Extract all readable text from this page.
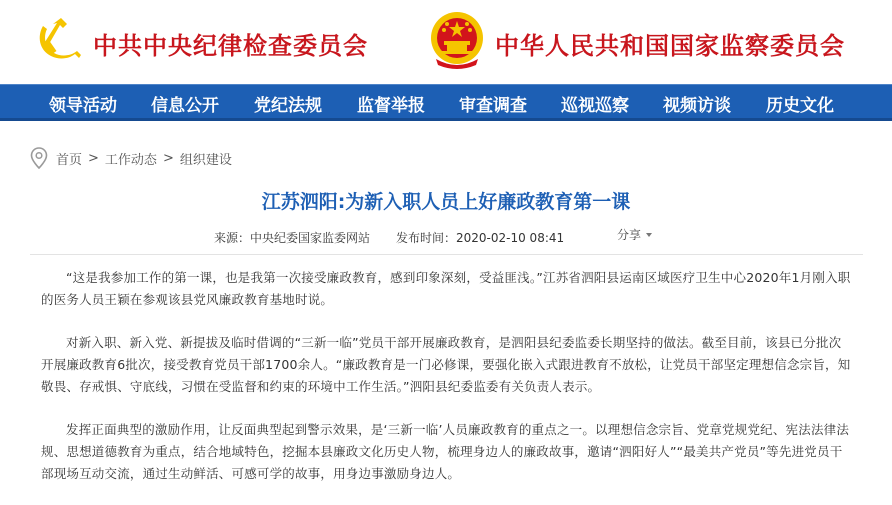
中共中央纪律检查委员会	中华人民共和国国家监察委员会
领导活动 信息公开 党纪法规 监督举报 审查调查 巡视巡察 视频访谈 历史文化
首页 > 工作动态 > 组织建设
江苏泗阳:为新入职人员上好廉政教育第一课
来源：中央纪委国家监委网站 发布时间：2020-02-10 08:41	分享

“这是我参加工作的第一课，也是我第一次接受廉政教育，感到印象深刻，受益匪浅。”江苏省泗阳县运南区域医疗卫生中心2020年1月刚入职的医务人员王颖在参观该县党风廉政教育基地时说。

对新入职、新入党、新提拔及临时借调的“三新一临”党员干部开展廉政教育，是泗阳县纪委监委长期坚持的做法。截至目前，该县已分批次开展廉政教育6批次，接受教育党员干部1700余人。“廉政教育是一门必修课，要强化嵌入式跟进教育不放松，让党员干部坚定理想信念宗旨，知敬畏、存戒惧、守底线，习惯在受监督和约束的环境中工作生活。”泗阳县纪委监委有关负责人表示。

发挥正面典型的激励作用，让反面典型起到警示效果，是‘三新一临’人员廉政教育的重点之一。以理想信念宗旨、党章党规党纪、宪法法律法规、思想道德教育为重点，结合地域特色，挖掘本县廉政文化历史人物，梳理身边人的廉政故事，邀请“泗阳好人”“最美共产党员”等先进党员干部现场互动交流，通过生动鲜活、可感可学的故事，用身边事激励身边人。
